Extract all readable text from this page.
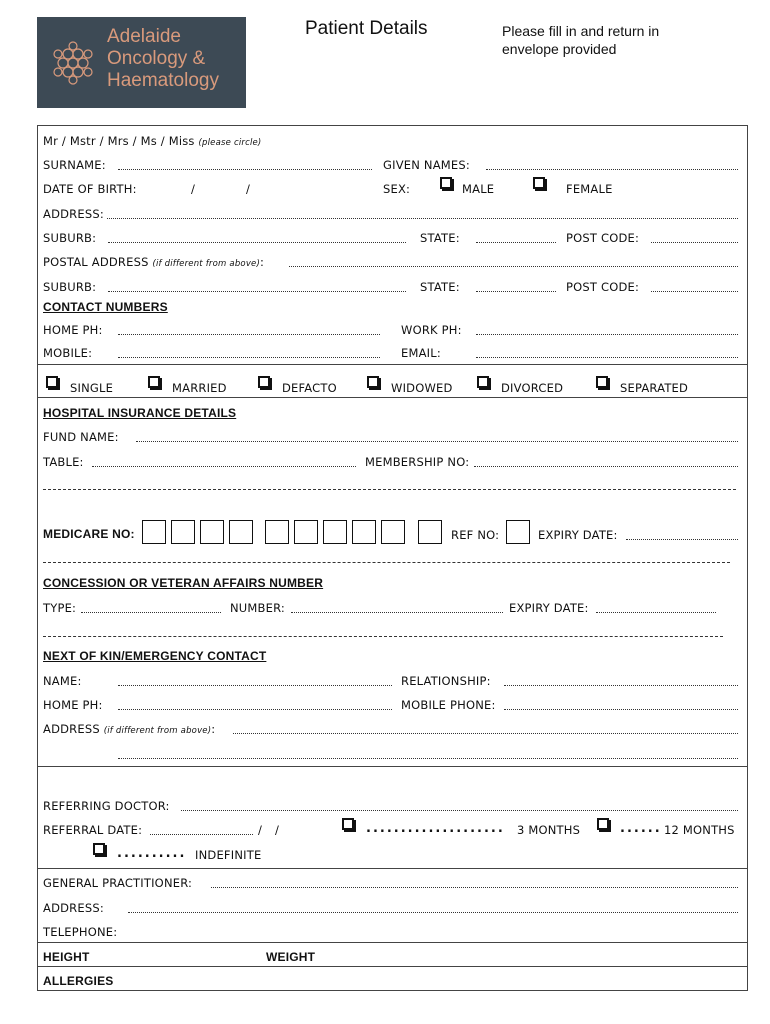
Adelaide
Oncology &
Haematology
Patient Details	Please fill in and return in envelope provided
Mr / Mstr / Mrs / Ms / Miss (please circle)
SURNAME:	GIVEN NAMES:
DATE OF BIRTH:	/	/	SEX:	MALE	FEMALE
ADDRESS:
SUBURB:	STATE:	POST CODE:
POSTAL ADDRESS (if different from above):
SUBURB:	STATE:	POST CODE:
CONTACT NUMBERS
HOME PH:	WORK PH:
MOBILE:	EMAIL:
SINGLE	MARRIED	DEFACTO	WIDOWED	DIVORCED	SEPARATED
HOSPITAL INSURANCE DETAILS
FUND NAME:
TABLE:	MEMBERSHIP NO:
MEDICARE NO:	REF NO:	EXPIRY DATE:
CONCESSION OR VETERAN AFFAIRS NUMBER
TYPE:	NUMBER:	EXPIRY DATE:
NEXT OF KIN/EMERGENCY CONTACT
NAME:	RELATIONSHIP:
HOME PH:	MOBILE PHONE:
ADDRESS (if different from above):
REFERRING DOCTOR:
REFERRAL DATE:	/ /	.................... 3 MONTHS	...... 12 MONTHS
.......... INDEFINITE
GENERAL PRACTITIONER:
ADDRESS:
TELEPHONE:
HEIGHT	WEIGHT
ALLERGIES
